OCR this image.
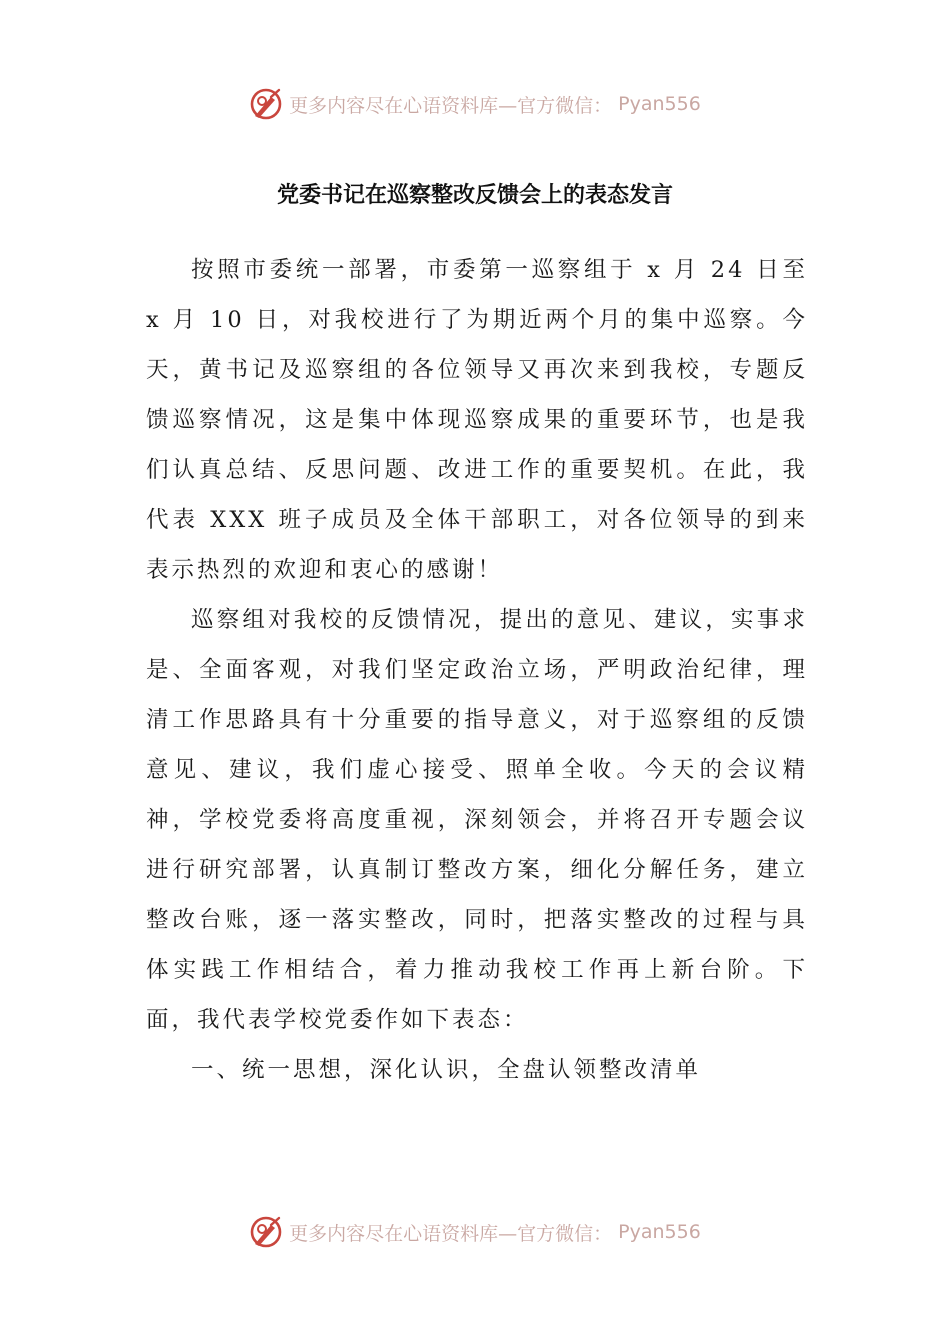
更多内容尽在心语资料库—官方微信： Pyan556
党委书记在巡察整改反馈会上的表态发言

按照市委统一部署，市委第一巡察组于 x 月 24 日至 x 月 10 日，对我校进行了为期近两个月的集中巡察。今天，黄书记及巡察组的各位领导又再次来到我校，专题反馈巡察情况，这是集中体现巡察成果的重要环节，也是我们认真总结、反思问题、改进工作的重要契机。在此，我代表 XXX 班子成员及全体干部职工，对各位领导的到来表示热烈的欢迎和衷心的感谢！

巡察组对我校的反馈情况，提出的意见、建议，实事求是、全面客观，对我们坚定政治立场，严明政治纪律，理清工作思路具有十分重要的指导意义，对于巡察组的反馈意见、建议，我们虚心接受、照单全收。今天的会议精神，学校党委将高度重视，深刻领会，并将召开专题会议进行研究部署，认真制订整改方案，细化分解任务，建立整改台账，逐一落实整改，同时，把落实整改的过程与具体实践工作相结合，着力推动我校工作再上新台阶。下面，我代表学校党委作如下表态：

一、统一思想，深化认识，全盘认领整改清单

更多内容尽在心语资料库—官方微信： Pyan556
